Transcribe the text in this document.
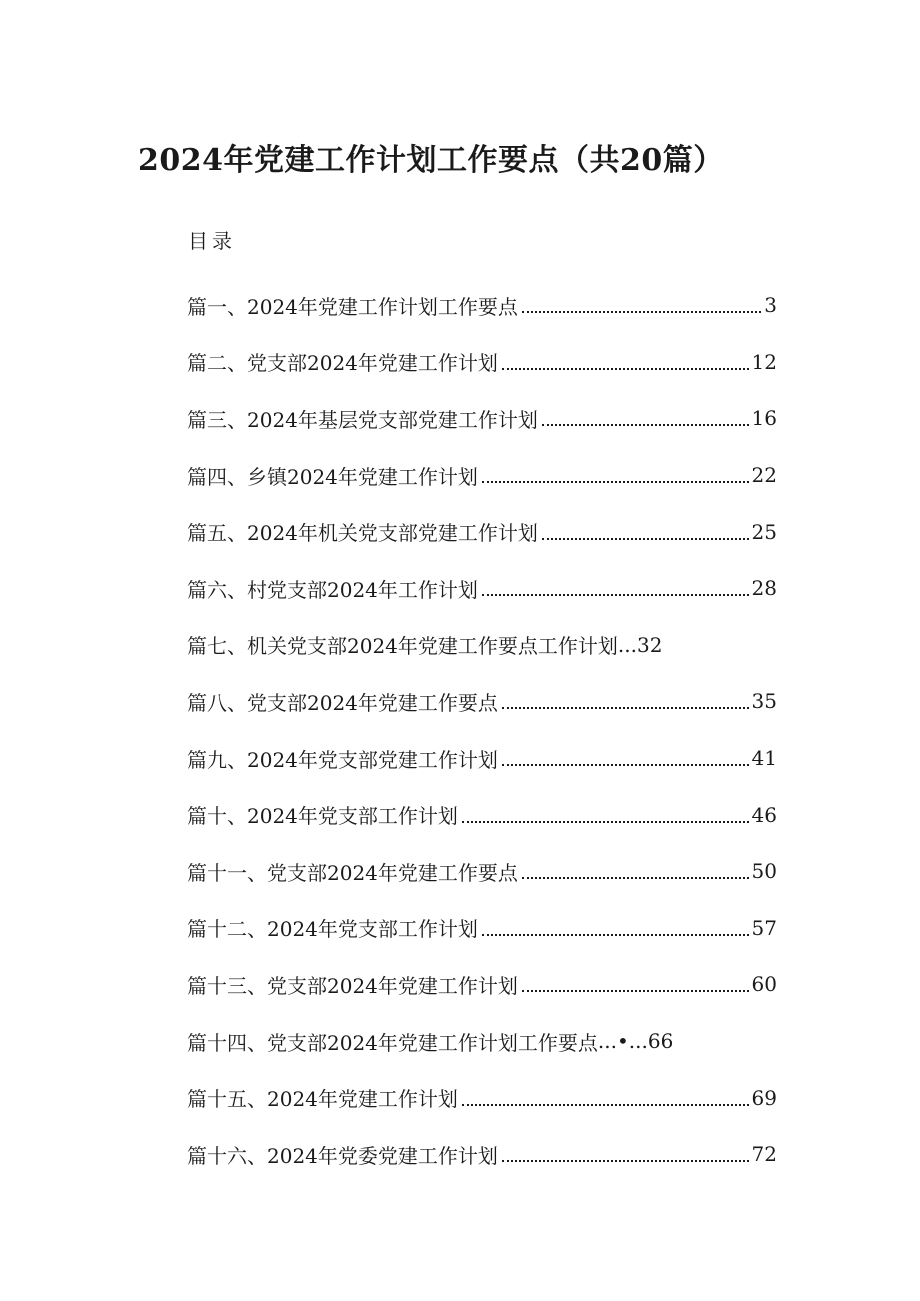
2024年党建工作计划工作要点（共20篇）
目录
篇一、2024年党建工作计划工作要点	3
篇二、党支部2024年党建工作计划	12
篇三、2024年基层党支部党建工作计划	16
篇四、乡镇2024年党建工作计划	22
篇五、2024年机关党支部党建工作计划	25
篇六、村党支部2024年工作计划	28
篇七、机关党支部2024年党建工作要点工作计划 ...32
篇八、党支部2024年党建工作要点	35
篇九、2024年党支部党建工作计划	41
篇十、2024年党支部工作计划	46
篇十一、党支部2024年党建工作要点	50
篇十二、2024年党支部工作计划	57
篇十三、党支部2024年党建工作计划	60
篇十四、党支部2024年党建工作计划工作要点 ...•...66
篇十五、2024年党建工作计划	69
篇十六、2024年党委党建工作计划	72
